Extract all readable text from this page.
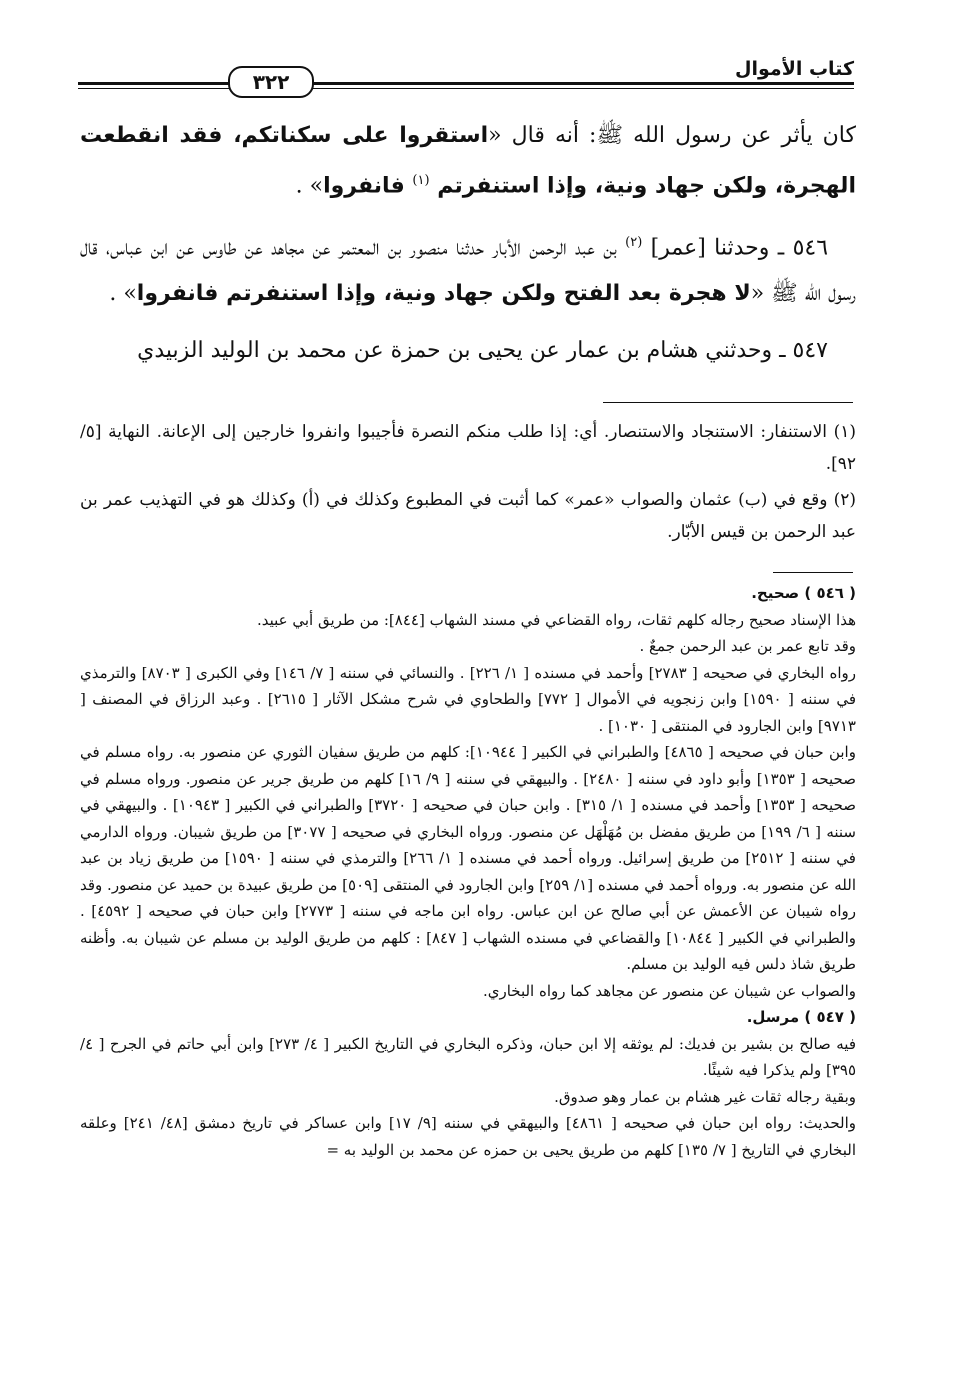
كتاب الأموال
٣٢٢

كان يأثر عن رسول الله ﷺ: أنه قال «استقروا على سكناتكم، فقد انقطعت الهجرة، ولكن جهاد ونية، وإذا استنفرتم $^{(١)}$ فانفروا» .

٥٤٦ ـ وحدثنا [عمر] $^{(٢)}$ بن عبد الرحمن الأبار حدثنا منصور بن المعتمر عن مجاهد عن طاوس عن ابن عباس، قال رسول الله ﷺ «لا هجرة بعد الفتح ولكن جهاد ونية، وإذا استنفرتم فانفروا» .

٥٤٧ ـ وحدثني هشام بن عمار عن يحيى بن حمزة عن محمد بن الوليد الزبيدي

(١) الاستنفار: الاستنجاد والاستنصار. أي: إذا طلب منكم النصرة فأجيبوا وانفروا خارجين إلى الإعانة. النهاية [٥/ ٩٢].

(٢) وقع في (ب) عثمان والصواب «عمر» كما أثبت في المطبوع وكذلك في (أ) وكذلك هو في التهذيب عمر بن عبد الرحمن بن قيس الأبّار.

( ٥٤٦ ) صحيح.

هذا الإسناد صحيح رجاله كلهم ثقات، رواه القضاعي في مسند الشهاب [٨٤٤]: من طريق أبي عبيد.

وقد تابع عمر بن عبد الرحمن جمعٌ .

رواه البخاري في صحيحه [ ٢٧٨٣] وأحمد في مسنده [ ١/ ٢٢٦] . والنسائي في سننه [ ٧/ ١٤٦] وفي الكبرى [ ٨٧٠٣] والترمذي في سننه [ ١٥٩٠] وابن زنجويه في الأموال [ ٧٧٢] والطحاوي في شرح مشكل الآثار [ ٢٦١٥] . وعبد الرزاق في المصنف [ ٩٧١٣] وابن الجارود في المنتقى [ ١٠٣٠] .

وابن حبان في صحيحه [ ٤٨٦٥] والطبراني في الكبير [ ١٠٩٤٤]: كلهم من طريق سفيان الثوري عن منصور به. رواه مسلم في صحيحه [ ١٣٥٣] وأبو داود في سننه [ ٢٤٨٠] . والبيهقي في سننه [ ٩/ ١٦] كلهم من طريق جرير عن منصور. ورواه مسلم في صحيحه [ ١٣٥٣] وأحمد في مسنده [ ١/ ٣١٥] . وابن حبان في صحيحه [ ٣٧٢٠] والطبراني في الكبير [ ١٠٩٤٣] . والبيهقي في سننه [ ٦/ ١٩٩] من طريق مفضل بن مُهَلْهَل عن منصور. ورواه البخاري في صحيحه [ ٣٠٧٧] من طريق شيبان. ورواه الدارمي في سننه [ ٢٥١٢] من طريق إسرائيل. ورواه أحمد في مسنده [ ١/ ٢٦٦] والترمذي في سننه [ ١٥٩٠] من طريق زياد بن عبد الله عن منصور به. ورواه أحمد في مسنده [١/ ٢٥٩] وابن الجارود في المنتقى [٥٠٩] من طريق عبيدة بن حميد عن منصور. وقد رواه شيبان عن الأعمش عن أبي صالح عن ابن عباس. رواه ابن ماجه في سننه [ ٢٧٧٣] وابن حبان في صحيحه [ ٤٥٩٢] . والطبراني في الكبير [ ١٠٨٤٤] والقضاعي في مسنده الشهاب [ ٨٤٧] : كلهم من طريق الوليد بن مسلم عن شيبان به. وأظنه طريق شاذ دلس فيه الوليد بن مسلم.

والصواب عن شيبان عن منصور عن مجاهد كما رواه البخاري.

( ٥٤٧ ) مرسل.

فيه صالح بن بشير بن فديك: لم يوثقه إلا ابن حبان، وذكره البخاري في التاريخ الكبير [ ٤/ ٢٧٣] وابن أبي حاتم في الجرح [ ٤/ ٣٩٥] ولم يذكرا فيه شيئًا.

وبقية رجاله ثقات غير هشام بن عمار وهو صدوق.

والحديث: رواه ابن حبان في صحيحه [ ٤٨٦١] والبيهقي في سننه [٩/ ١٧] وابن عساكر في تاريخ دمشق [٤٨/ ٢٤١] وعلقه البخاري في التاريخ [ ٧/ ١٣٥] كلهم من طريق يحيى بن حمزه عن محمد بن الوليد به =
